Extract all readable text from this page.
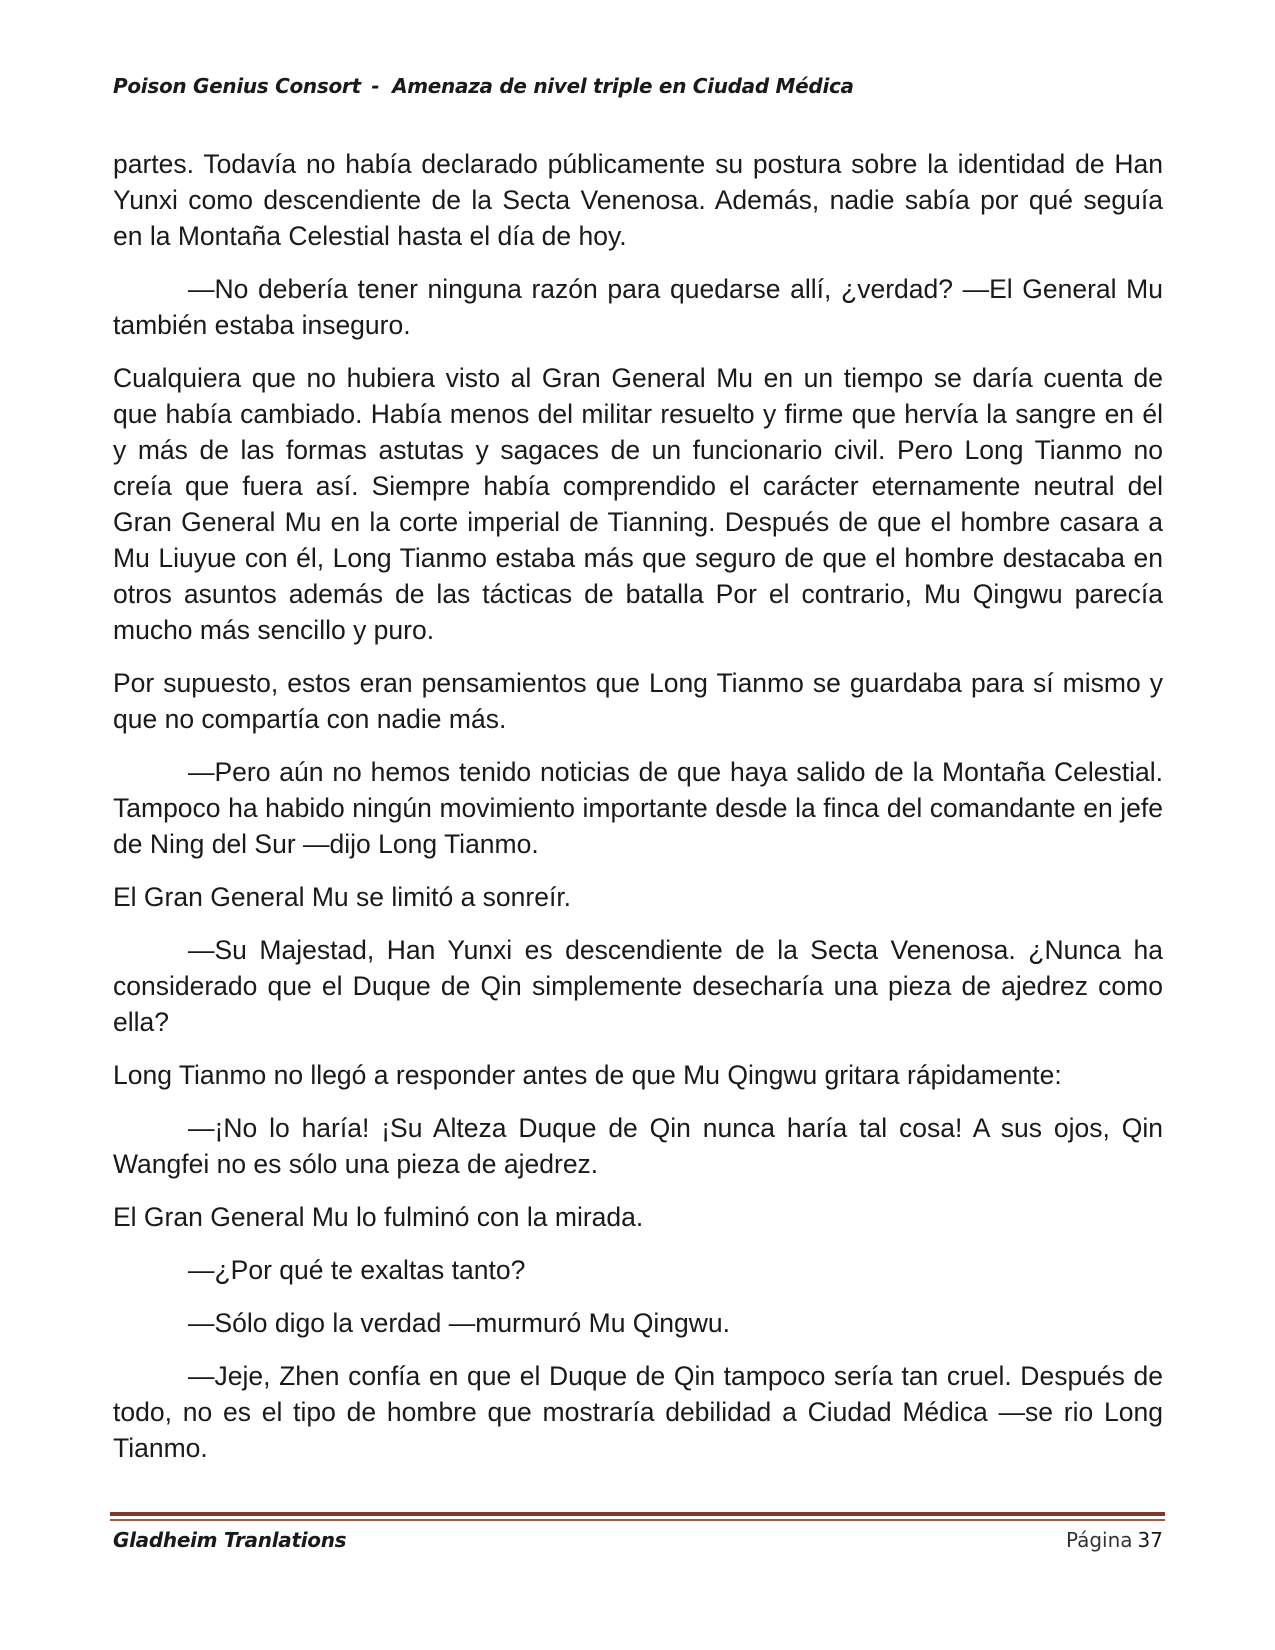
Poison Genius Consort - Amenaza de nivel triple en Ciudad Médica

partes. Todavía no había declarado públicamente su postura sobre la identidad de Han Yunxi como descendiente de la Secta Venenosa. Además, nadie sabía por qué seguía en la Montaña Celestial hasta el día de hoy.

—No debería tener ninguna razón para quedarse allí, ¿verdad? —El General Mu también estaba inseguro.

Cualquiera que no hubiera visto al Gran General Mu en un tiempo se daría cuenta de que había cambiado. Había menos del militar resuelto y firme que hervía la sangre en él y más de las formas astutas y sagaces de un funcionario civil. Pero Long Tianmo no creía que fuera así. Siempre había comprendido el carácter eternamente neutral del Gran General Mu en la corte imperial de Tianning. Después de que el hombre casara a Mu Liuyue con él, Long Tianmo estaba más que seguro de que el hombre destacaba en otros asuntos además de las tácticas de batalla Por el contrario, Mu Qingwu parecía mucho más sencillo y puro.

Por supuesto, estos eran pensamientos que Long Tianmo se guardaba para sí mismo y que no compartía con nadie más.

—Pero aún no hemos tenido noticias de que haya salido de la Montaña Celestial. Tampoco ha habido ningún movimiento importante desde la finca del comandante en jefe de Ning del Sur —dijo Long Tianmo.

El Gran General Mu se limitó a sonreír.

—Su Majestad, Han Yunxi es descendiente de la Secta Venenosa. ¿Nunca ha considerado que el Duque de Qin simplemente desecharía una pieza de ajedrez como ella?

Long Tianmo no llegó a responder antes de que Mu Qingwu gritara rápidamente:

—¡No lo haría! ¡Su Alteza Duque de Qin nunca haría tal cosa! A sus ojos, Qin Wangfei no es sólo una pieza de ajedrez.

El Gran General Mu lo fulminó con la mirada.

—¿Por qué te exaltas tanto?

—Sólo digo la verdad —murmuró Mu Qingwu.

—Jeje, Zhen confía en que el Duque de Qin tampoco sería tan cruel. Después de todo, no es el tipo de hombre que mostraría debilidad a Ciudad Médica —se rio Long Tianmo.

Gladheim Tranlations	Página 37
